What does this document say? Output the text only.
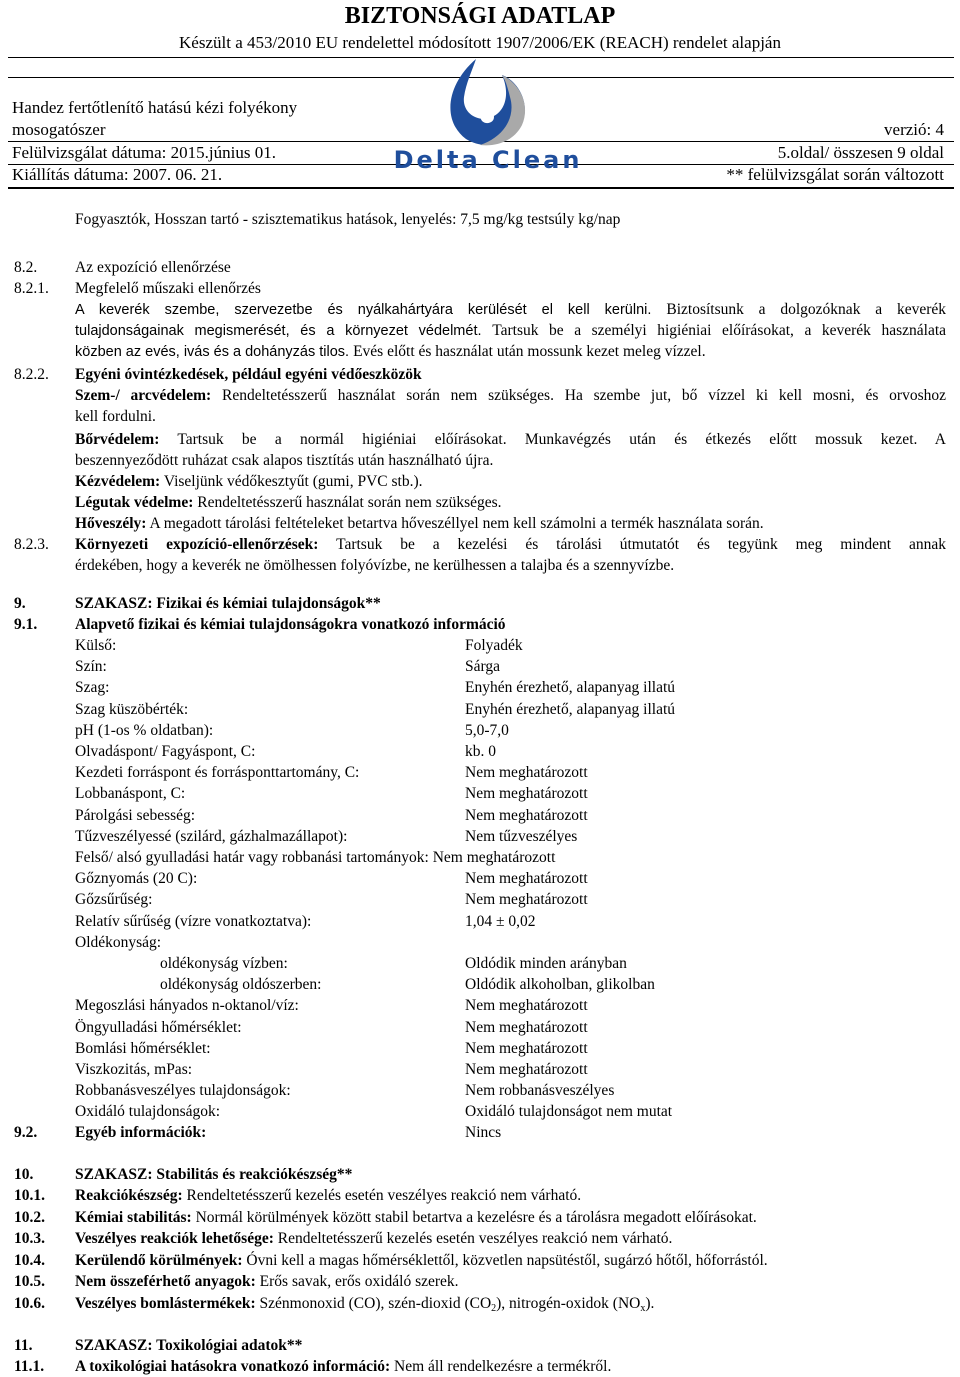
BIZTONSÁGI ADATLAP
Készült a 453/2010 EU rendelettel módosított 1907/2006/EK (REACH) rendelet alapján
Handez fertőtlenítő hatású kézi folyékony
mosogatószer	verzió: 4
Felülvizsgálat dátuma: 2015.június 01.	5.oldal/ összesen 9 oldal
Kiállítás dátuma: 2007. 06. 21.	** felülvizsgálat során változott
Delta Clean
Fogyasztók, Hosszan tartó - szisztematikus hatások, lenyelés: 7,5 mg/kg testsúly kg/nap
8.2. Az expozíció ellenőrzése
8.2.1. Megfelelő műszaki ellenőrzés
A keverék szembe, szervezetbe és nyálkahártyára kerülését el kell kerülni. Biztosítsunk a dolgozóknak a keverék
tulajdonságainak megismerését, és a környezet védelmét. Tartsuk be a személyi higiéniai előírásokat, a keverék használata
közben az evés, ivás és a dohányzás tilos. Evés előtt és használat után mossunk kezet meleg vízzel.
8.2.2. Egyéni óvintézkedések, például egyéni védőeszközök
Szem-/ arcvédelem: Rendeltetésszerű használat során nem szükséges. Ha szembe jut, bő vízzel ki kell mosni, és orvoshoz
kell fordulni.
Bőrvédelem: Tartsuk be a normál higiéniai előírásokat. Munkavégzés után és étkezés előtt mossuk kezet. A
beszennyeződött ruházat csak alapos tisztítás után használható újra.
Kézvédelem: Viseljünk védőkesztyűt (gumi, PVC stb.).
Légutak védelme: Rendeltetésszerű használat során nem szükséges.
Hőveszély: A megadott tárolási feltételeket betartva hőveszéllyel nem kell számolni a termék használata során.
8.2.3. Környezeti expozíció-ellenőrzések: Tartsuk be a kezelési és tárolási útmutatót és tegyünk meg mindent annak
érdekében, hogy a keverék ne ömölhessen folyóvízbe, ne kerülhessen a talajba és a szennyvízbe.
9.	SZAKASZ: Fizikai és kémiai tulajdonságok**
9.1. Alapvető fizikai és kémiai tulajdonságokra vonatkozó információ
Külső:	Folyadék
Szín:	Sárga
Szag:	Enyhén érezhető, alapanyag illatú
Szag küszöbérték:	Enyhén érezhető, alapanyag illatú
pH (1-os % oldatban):	5,0-7,0
Olvadáspont/ Fagyáspont, C:	kb. 0
Kezdeti forráspont és forrásponttartomány, C:	Nem meghatározott
Lobbanáspont, C:	Nem meghatározott
Párolgási sebesség:	Nem meghatározott
Tűzveszélyessé (szilárd, gázhalmazállapot):	Nem tűzveszélyes
Felső/ alsó gyulladási határ vagy robbanási tartományok: Nem meghatározott
Gőznyomás (20 C):	Nem meghatározott
Gőzsűrűség:	Nem meghatározott
Relatív sűrűség (vízre vonatkoztatva):	1,04 ± 0,02
Oldékonyság:
oldékonyság vízben:	Oldódik minden arányban
oldékonyság oldószerben:	Oldódik alkoholban, glikolban
Megoszlási hányados n-oktanol/víz:	Nem meghatározott
Öngyulladási hőmérséklet:	Nem meghatározott
Bomlási hőmérséklet:	Nem meghatározott
Viszkozitás, mPas:	Nem meghatározott
Robbanásveszélyes tulajdonságok:	Nem robbanásveszélyes
Oxidáló tulajdonságok:	Oxidáló tulajdonságot nem mutat
9.2. Egyéb információk:	Nincs
10.	SZAKASZ: Stabilitás és reakciókészség**
10.1. Reakciókészség: Rendeltetésszerű kezelés esetén veszélyes reakció nem várható.
10.2. Kémiai stabilitás: Normál körülmények között stabil betartva a kezelésre és a tárolásra megadott előírásokat.
10.3. Veszélyes reakciók lehetősége: Rendeltetésszerű kezelés esetén veszélyes reakció nem várható.
10.4. Kerülendő körülmények: Óvni kell a magas hőmérséklettől, közvetlen napsütéstől, sugárzó hőtől, hőforrástól.
10.5. Nem összeférhető anyagok: Erős savak, erős oxidáló szerek.
10.6. Veszélyes bomlástermékek: Szénmonoxid (CO), szén-dioxid $(CO_2)$, nitrogén-oxidok $(NO_x)$.
11.	SZAKASZ: Toxikológiai adatok**
11.1. A toxikológiai hatásokra vonatkozó információ: Nem áll rendelkezésre a termékről.
